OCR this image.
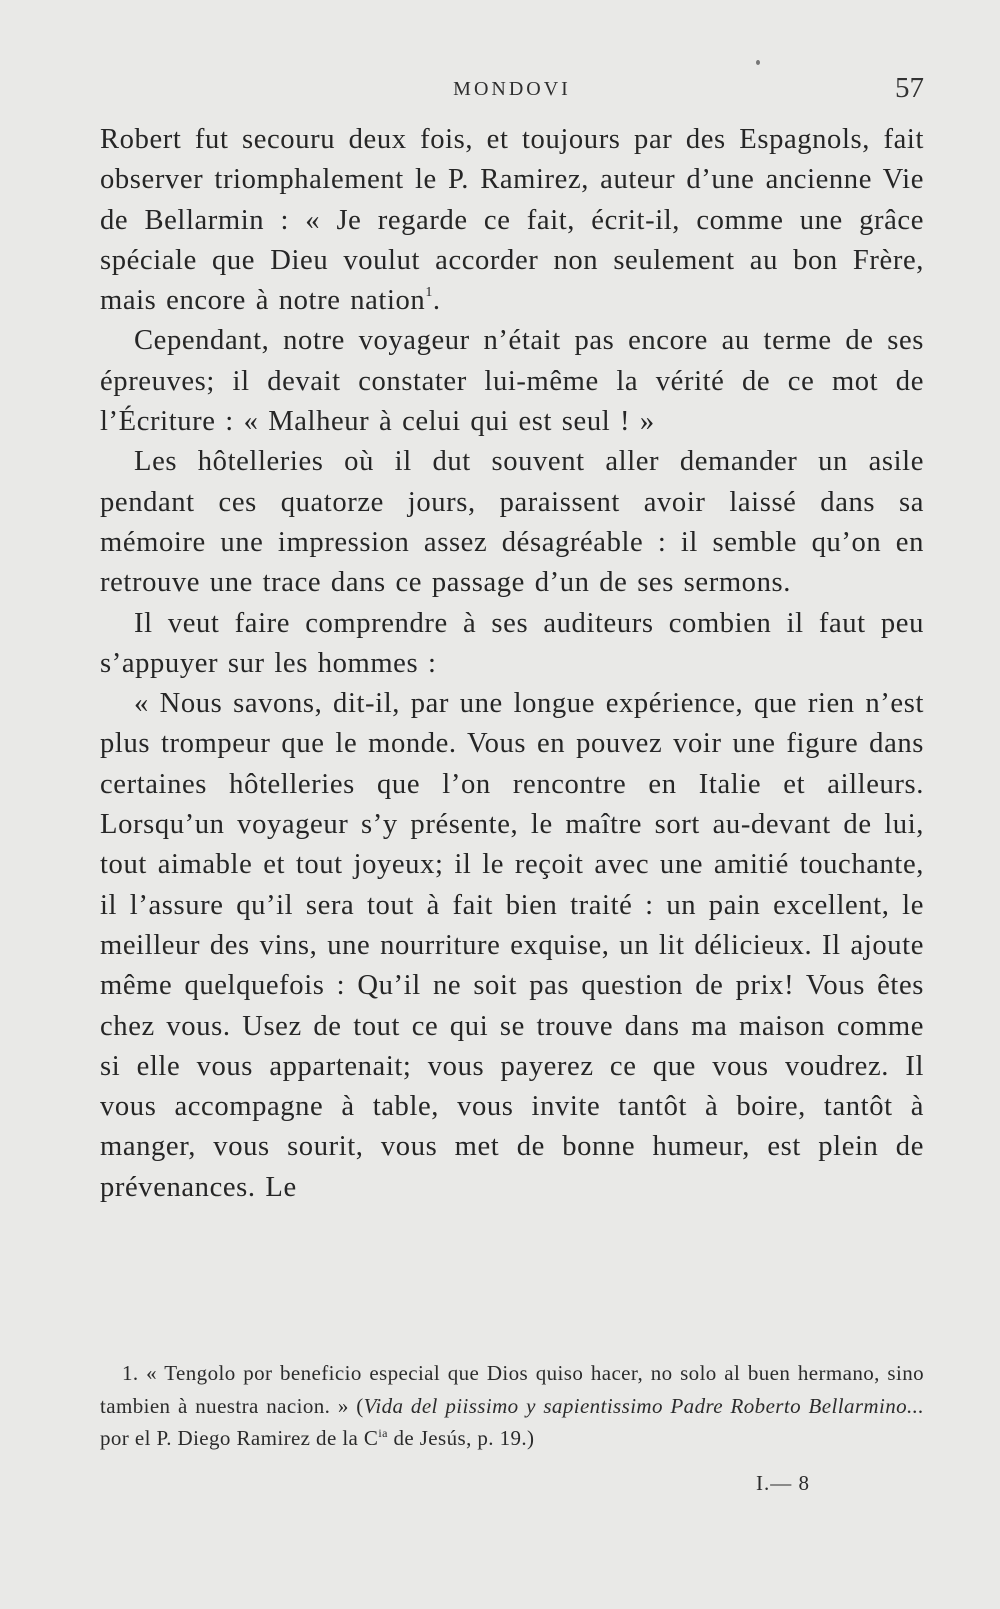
MONDOVI	57

Robert fut secouru deux fois, et toujours par des Espagnols, fait observer triomphalement le P. Ramirez, auteur d’une ancienne Vie de Bellarmin : « Je regarde ce fait, écrit-il, comme une grâce spéciale que Dieu voulut accorder non seulement au bon Frère, mais encore à notre nation$^1$.

Cependant, notre voyageur n’était pas encore au terme de ses épreuves; il devait constater lui-même la vérité de ce mot de l’Écriture : « Malheur à celui qui est seul ! »

Les hôtelleries où il dut souvent aller demander un asile pendant ces quatorze jours, paraissent avoir laissé dans sa mémoire une impression assez désagréable : il semble qu’on en retrouve une trace dans ce passage d’un de ses sermons.

Il veut faire comprendre à ses auditeurs combien il faut peu s’appuyer sur les hommes :

« Nous savons, dit-il, par une longue expérience, que rien n’est plus trompeur que le monde. Vous en pouvez voir une figure dans certaines hôtelleries que l’on rencontre en Italie et ailleurs. Lorsqu’un voyageur s’y présente, le maître sort au-devant de lui, tout aimable et tout joyeux; il le reçoit avec une amitié touchante, il l’assure qu’il sera tout à fait bien traité : un pain excellent, le meilleur des vins, une nourriture exquise, un lit délicieux. Il ajoute même quelquefois : Qu’il ne soit pas question de prix! Vous êtes chez vous. Usez de tout ce qui se trouve dans ma maison comme si elle vous appartenait; vous payerez ce que vous voudrez. Il vous accompagne à table, vous invite tantôt à boire, tantôt à manger, vous sourit, vous met de bonne humeur, est plein de prévenances. Le

1. « Tengolo por beneficio especial que Dios quiso hacer, no solo al buen hermano, sino tambien à nuestra nacion. » (Vida del piissimo y sapientissimo Padre Roberto Bellarmino... por el P. Diego Ramirez de la $C^{ia}$ de Jesús, p. 19.)

I.— 8
